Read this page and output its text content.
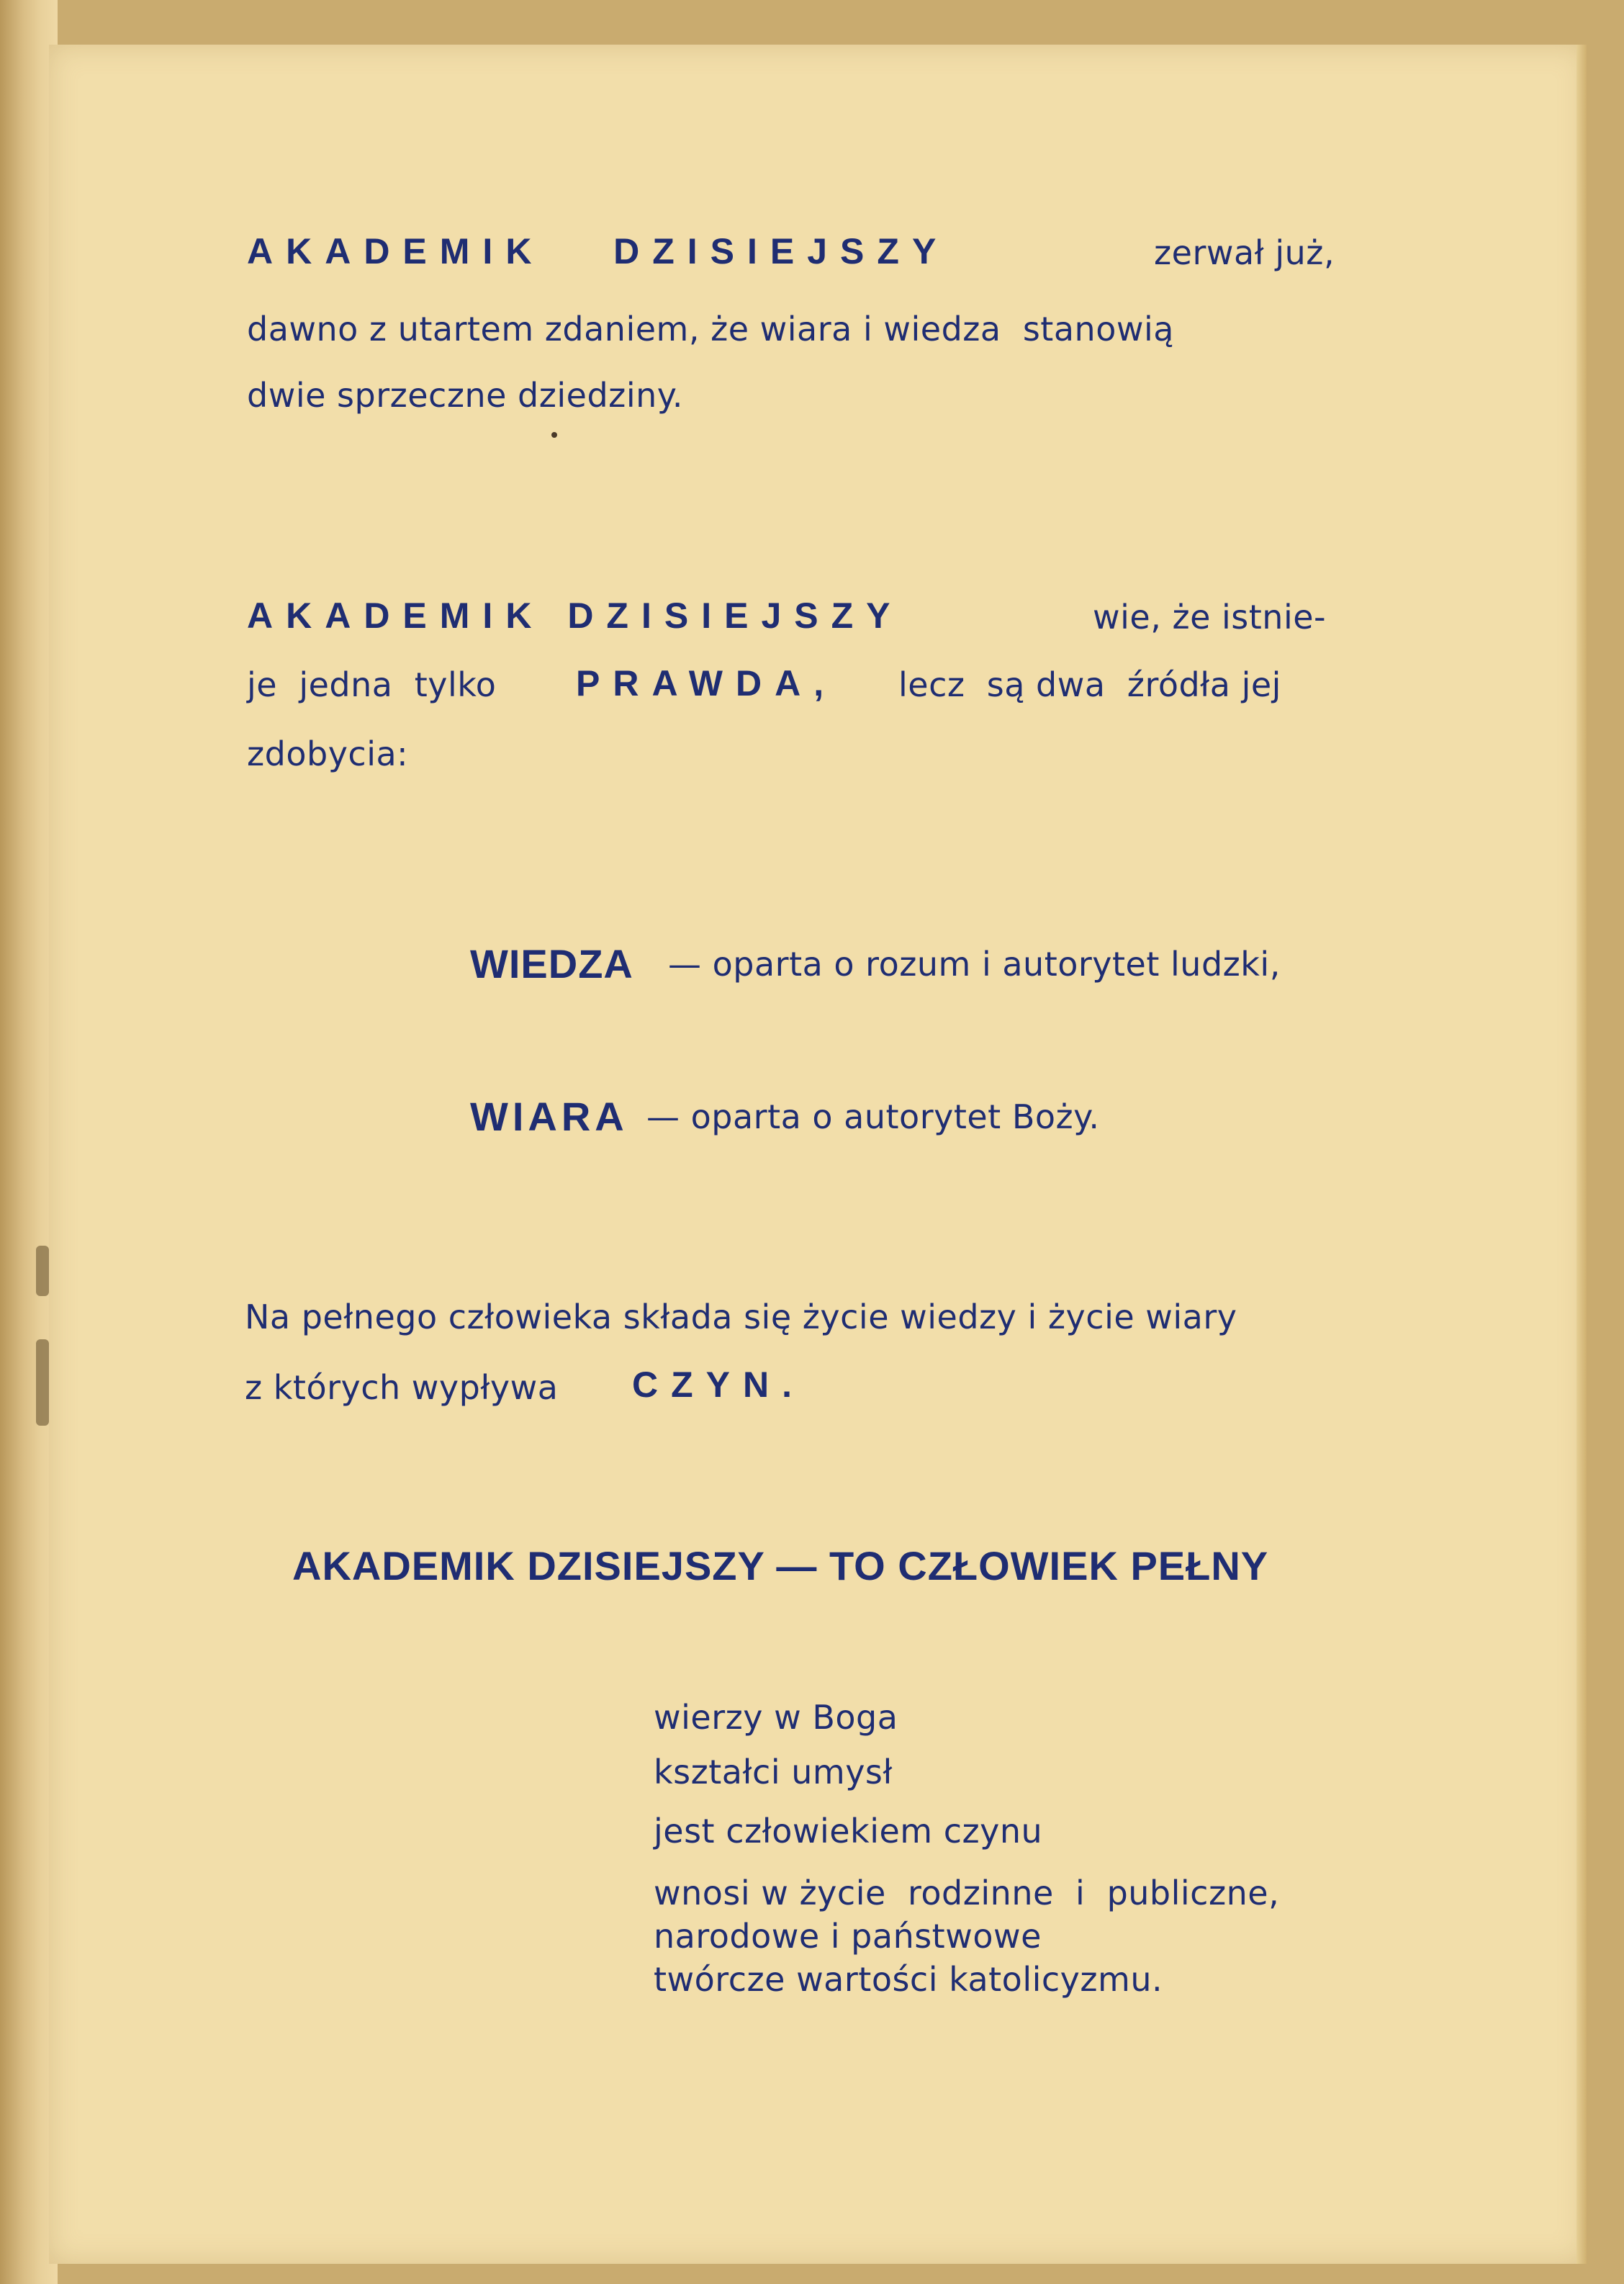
AKADEMIK   DZISIEJSZY	zerwał już,
dawno z utartem zdaniem, że wiara i wiedza  stanowią
dwie sprzeczne dziedziny.
AKADEMIK DZISIEJSZY	wie, że istnie-
je  jedna  tylko PRAWDA, lecz  są dwa  źródła jej
zdobycia:
WIEDZA — oparta o rozum i autorytet ludzki,
WIARA — oparta o autorytet Boży.
Na pełnego człowieka składa się życie wiedzy i życie wiary
z których wypływa CZYN.
AKADEMIK DZISIEJSZY — TO CZŁOWIEK PEŁNY
wierzy w Boga
kształci umysł
jest człowiekiem czynu
wnosi w życie  rodzinne  i  publiczne,
narodowe i państwowe
twórcze wartości katolicyzmu.
